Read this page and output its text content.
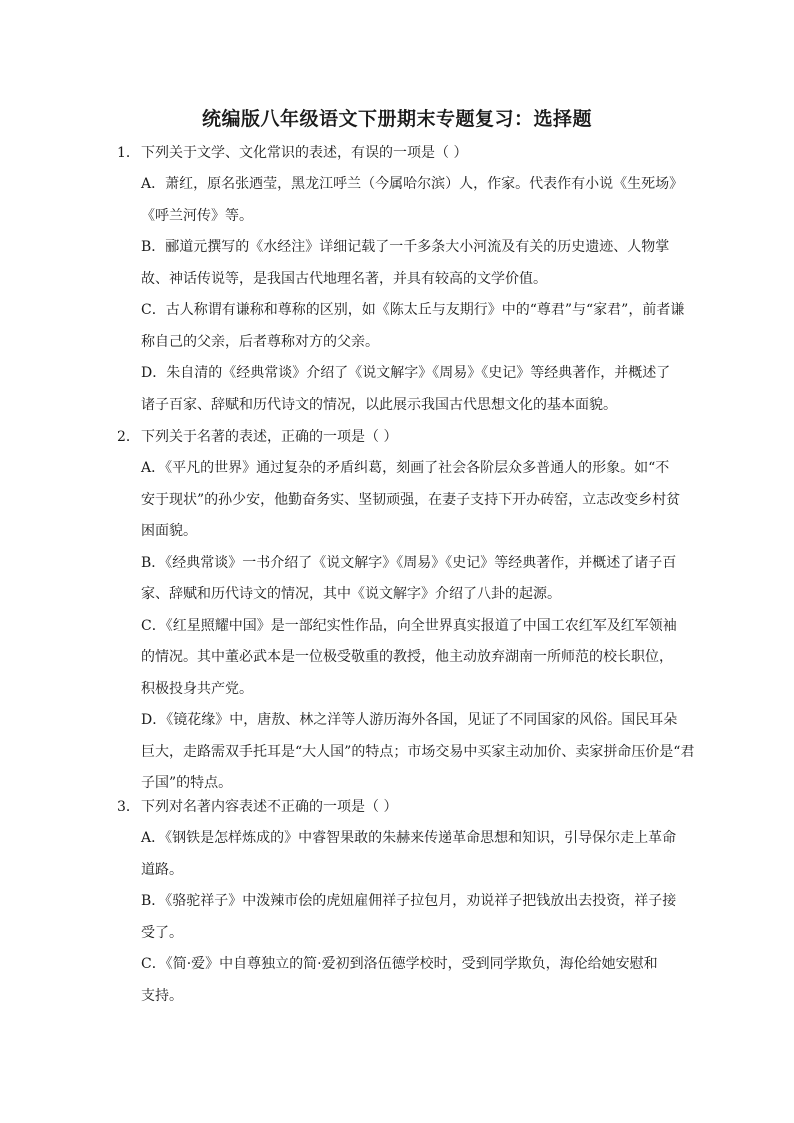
统编版八年级语文下册期末专题复习：选择题
1．下列关于文学、文化常识的表述，有误的一项是（ ）

A．萧红，原名张迺莹，黑龙江呼兰（今属哈尔滨）人，作家。代表作有小说《生死场》

《呼兰河传》等。

B．郦道元撰写的《水经注》详细记载了一千多条大小河流及有关的历史遗迹、人物掌

故、神话传说等，是我国古代地理名著，并具有较高的文学价值。

C．古人称谓有谦称和尊称的区别，如《陈太丘与友期行》中的“尊君”与“家君”，前者谦

称自己的父亲，后者尊称对方的父亲。

D．朱自清的《经典常谈》介绍了《说文解字》《周易》《史记》等经典著作，并概述了

诸子百家、辞赋和历代诗文的情况，以此展示我国古代思想文化的基本面貌。

2．下列关于名著的表述，正确的一项是（ ）

A．《平凡的世界》通过复杂的矛盾纠葛，刻画了社会各阶层众多普通人的形象。如“不

安于现状”的孙少安，他勤奋务实、坚韧顽强，在妻子支持下开办砖窑，立志改变乡村贫

困面貌。

B．《经典常谈》一书介绍了《说文解字》《周易》《史记》等经典著作，并概述了诸子百

家、辞赋和历代诗文的情况，其中《说文解字》介绍了八卦的起源。

C．《红星照耀中国》是一部纪实性作品，向全世界真实报道了中国工农红军及红军领袖

的情况。其中董必武本是一位极受敬重的教授，他主动放弃湖南一所师范的校长职位，

积极投身共产党。

D．《镜花缘》中，唐敖、林之洋等人游历海外各国，见证了不同国家的风俗。国民耳朵

巨大，走路需双手托耳是“大人国”的特点；市场交易中买家主动加价、卖家拼命压价是“君

子国”的特点。

3．下列对名著内容表述不正确的一项是（ ）

A．《钢铁是怎样炼成的》中睿智果敢的朱赫来传递革命思想和知识，引导保尔走上革命

道路。

B．《骆驼祥子》中泼辣市侩的虎妞雇佣祥子拉包月，劝说祥子把钱放出去投资，祥子接

受了。

C．《简·爱》中自尊独立的简·爱初到洛伍德学校时，受到同学欺负，海伦给她安慰和

支持。
